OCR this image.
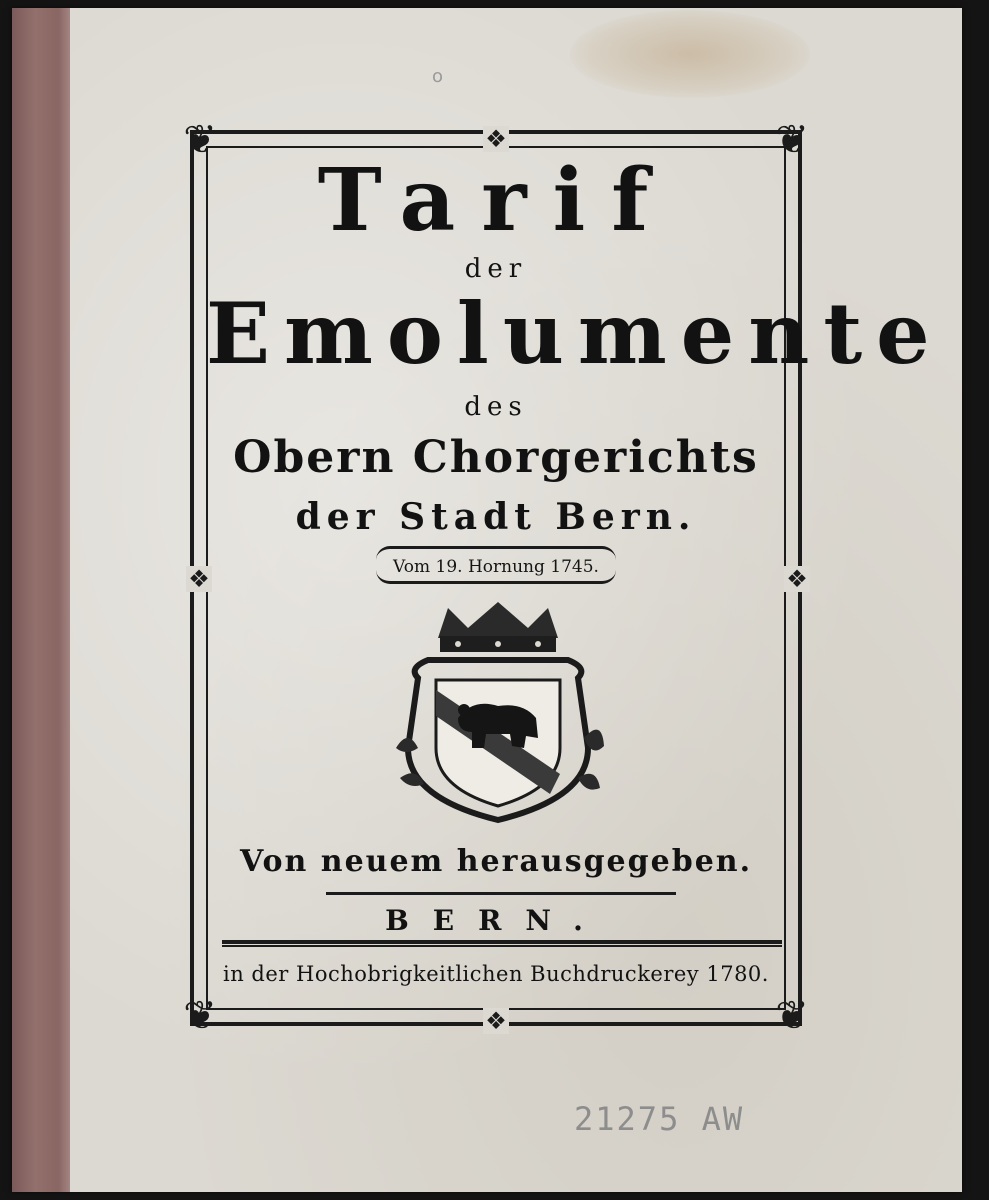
o
❦	❦
❦	❦
❖
❖
❖	❖
Tarif
der
Emolumente
des
Obern Chorgerichts
der Stadt Bern.
Vom 19. Hornung 1745.
Von neuem herausgegeben.
BERN.
in der Hochobrigkeitlichen Buchdruckerey 1780.
21275 AW
